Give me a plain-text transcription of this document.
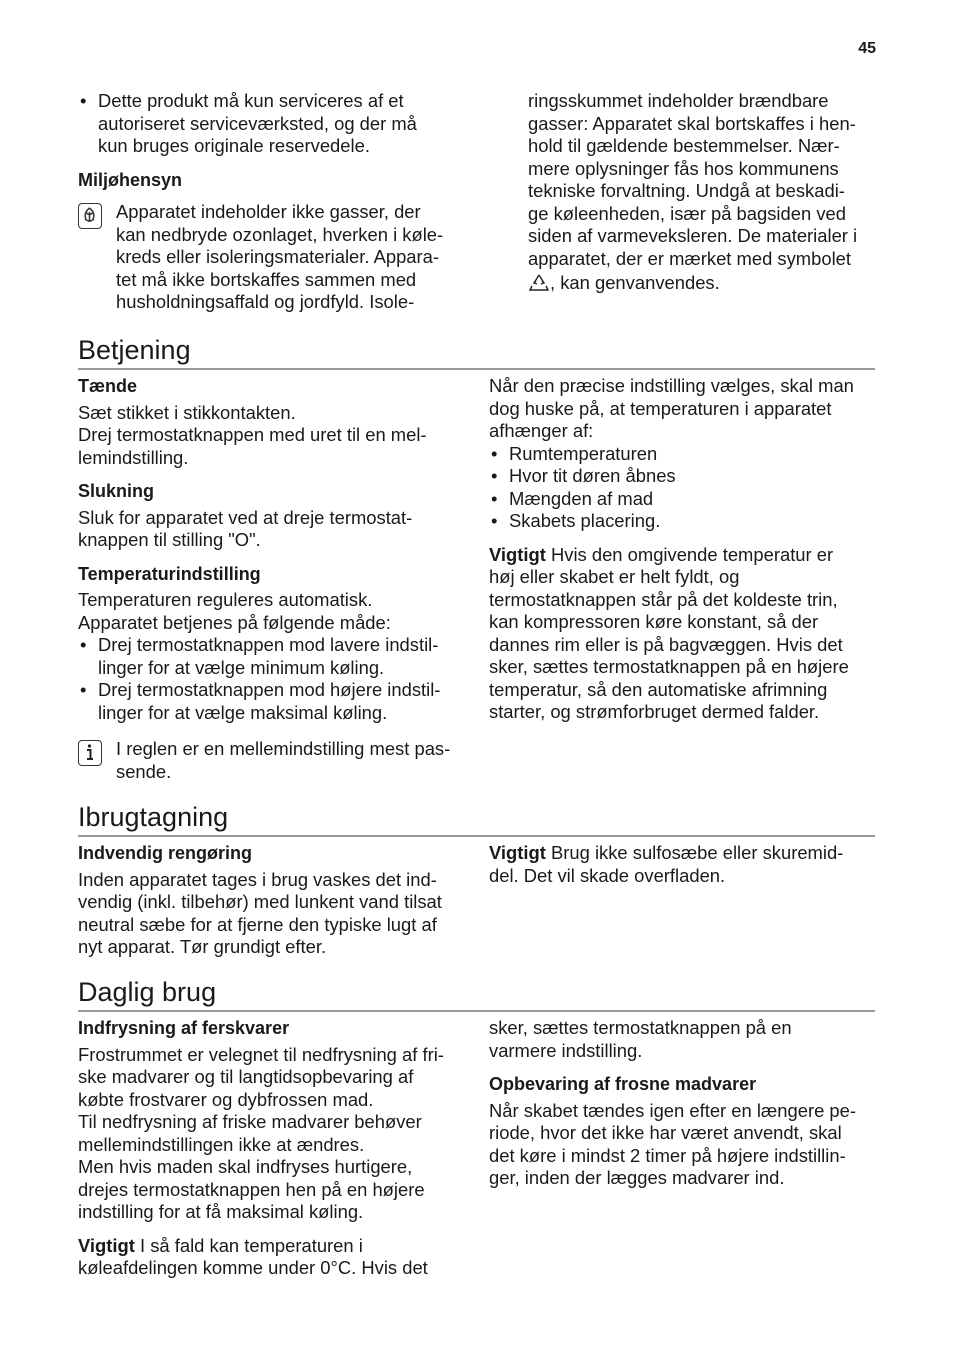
45
• Dette produkt må kun serviceres af et
autoriseret serviceværksted, og der må
kun bruges originale reservedele.
Miljøhensyn
Apparatet indeholder ikke gasser, der
kan nedbryde ozonlaget, hverken i køle-
kreds eller isoleringsmaterialer. Appara-
tet må ikke bortskaffes sammen med
husholdningsaffald og jordfyld. Isole-
ringsskummet indeholder brændbare
gasser: Apparatet skal bortskaffes i hen-
hold til gældende bestemmelser. Nær-
mere oplysninger fås hos kommunens
tekniske forvaltning. Undgå at beskadi-
ge køleenheden, især på bagsiden ved
siden af varmeveksleren. De materialer i
apparatet, der er mærket med symbolet
, kan genvanvendes.
Betjening
Tænde
Sæt stikket i stikkontakten.
Drej termostatknappen med uret til en mel-
lemindstilling.
Slukning
Sluk for apparatet ved at dreje termostat-
knappen til stilling "O".
Temperaturindstilling
Temperaturen reguleres automatisk.
Apparatet betjenes på følgende måde:
• Drej termostatknappen mod lavere indstil-
linger for at vælge minimum køling.
• Drej termostatknappen mod højere indstil-
linger for at vælge maksimal køling.
I reglen er en mellemindstilling mest pas-
sende.
Når den præcise indstilling vælges, skal man
dog huske på, at temperaturen i apparatet
afhænger af:
• Rumtemperaturen
• Hvor tit døren åbnes
• Mængden af mad
• Skabets placering.
Vigtigt Hvis den omgivende temperatur er
høj eller skabet er helt fyldt, og
termostatknappen står på det koldeste trin,
kan kompressoren køre konstant, så der
dannes rim eller is på bagvæggen. Hvis det
sker, sættes termostatknappen på en højere
temperatur, så den automatiske afrimning
starter, og strømforbruget dermed falder.
Ibrugtagning
Indvendig rengøring
Inden apparatet tages i brug vaskes det ind-
vendig (inkl. tilbehør) med lunkent vand tilsat
neutral sæbe for at fjerne den typiske lugt af
nyt apparat. Tør grundigt efter.
Vigtigt Brug ikke sulfosæbe eller skuremid-
del. Det vil skade overfladen.
Daglig brug
Indfrysning af ferskvarer
Frostrummet er velegnet til nedfrysning af fri-
ske madvarer og til langtidsopbevaring af
købte frostvarer og dybfrossen mad.
Til nedfrysning af friske madvarer behøver
mellemindstillingen ikke at ændres.
Men hvis maden skal indfryses hurtigere,
drejes termostatknappen hen på en højere
indstilling for at få maksimal køling.
Vigtigt I så fald kan temperaturen i
køleafdelingen komme under 0°C. Hvis det
sker, sættes termostatknappen på en
varmere indstilling.
Opbevaring af frosne madvarer
Når skabet tændes igen efter en længere pe-
riode, hvor det ikke har været anvendt, skal
det køre i mindst 2 timer på højere indstillin-
ger, inden der lægges madvarer ind.
